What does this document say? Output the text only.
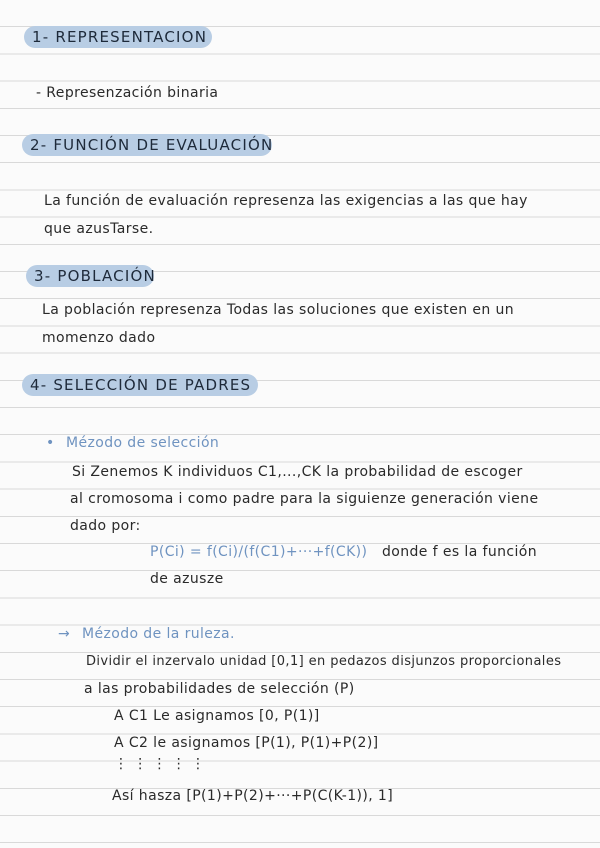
1- REPRESENTACION
- Represenzación binaria
2- FUNCIÓN DE EVALUACIÓN
La función de evaluación represenza las exigencias a las que hay
que azusTarse.
3- POBLACIÓN
La población represenza Todas las soluciones que existen en un
momenzo dado
4- SELECCIÓN DE PADRES
• Mézodo de selección
Si Zenemos K individuos C1,...,CK la probabilidad de escoger
al cromosoma i como padre para la siguienze generación viene
dado por:
P(Ci) = f(Ci)/(f(C1)+···+f(CK)) donde f es la función
de azusze
→ Mézodo de la ruleza.
Dividir el inzervalo unidad [0,1] en pedazos disjunzos proporcionales
a las probabilidades de selección (P)
A C1 Le asignamos [0, P(1)]
A C2 le asignamos [P(1), P(1)+P(2)]
⋮ ⋮ ⋮ ⋮ ⋮
Así hasza [P(1)+P(2)+···+P(C(K-1)), 1]
